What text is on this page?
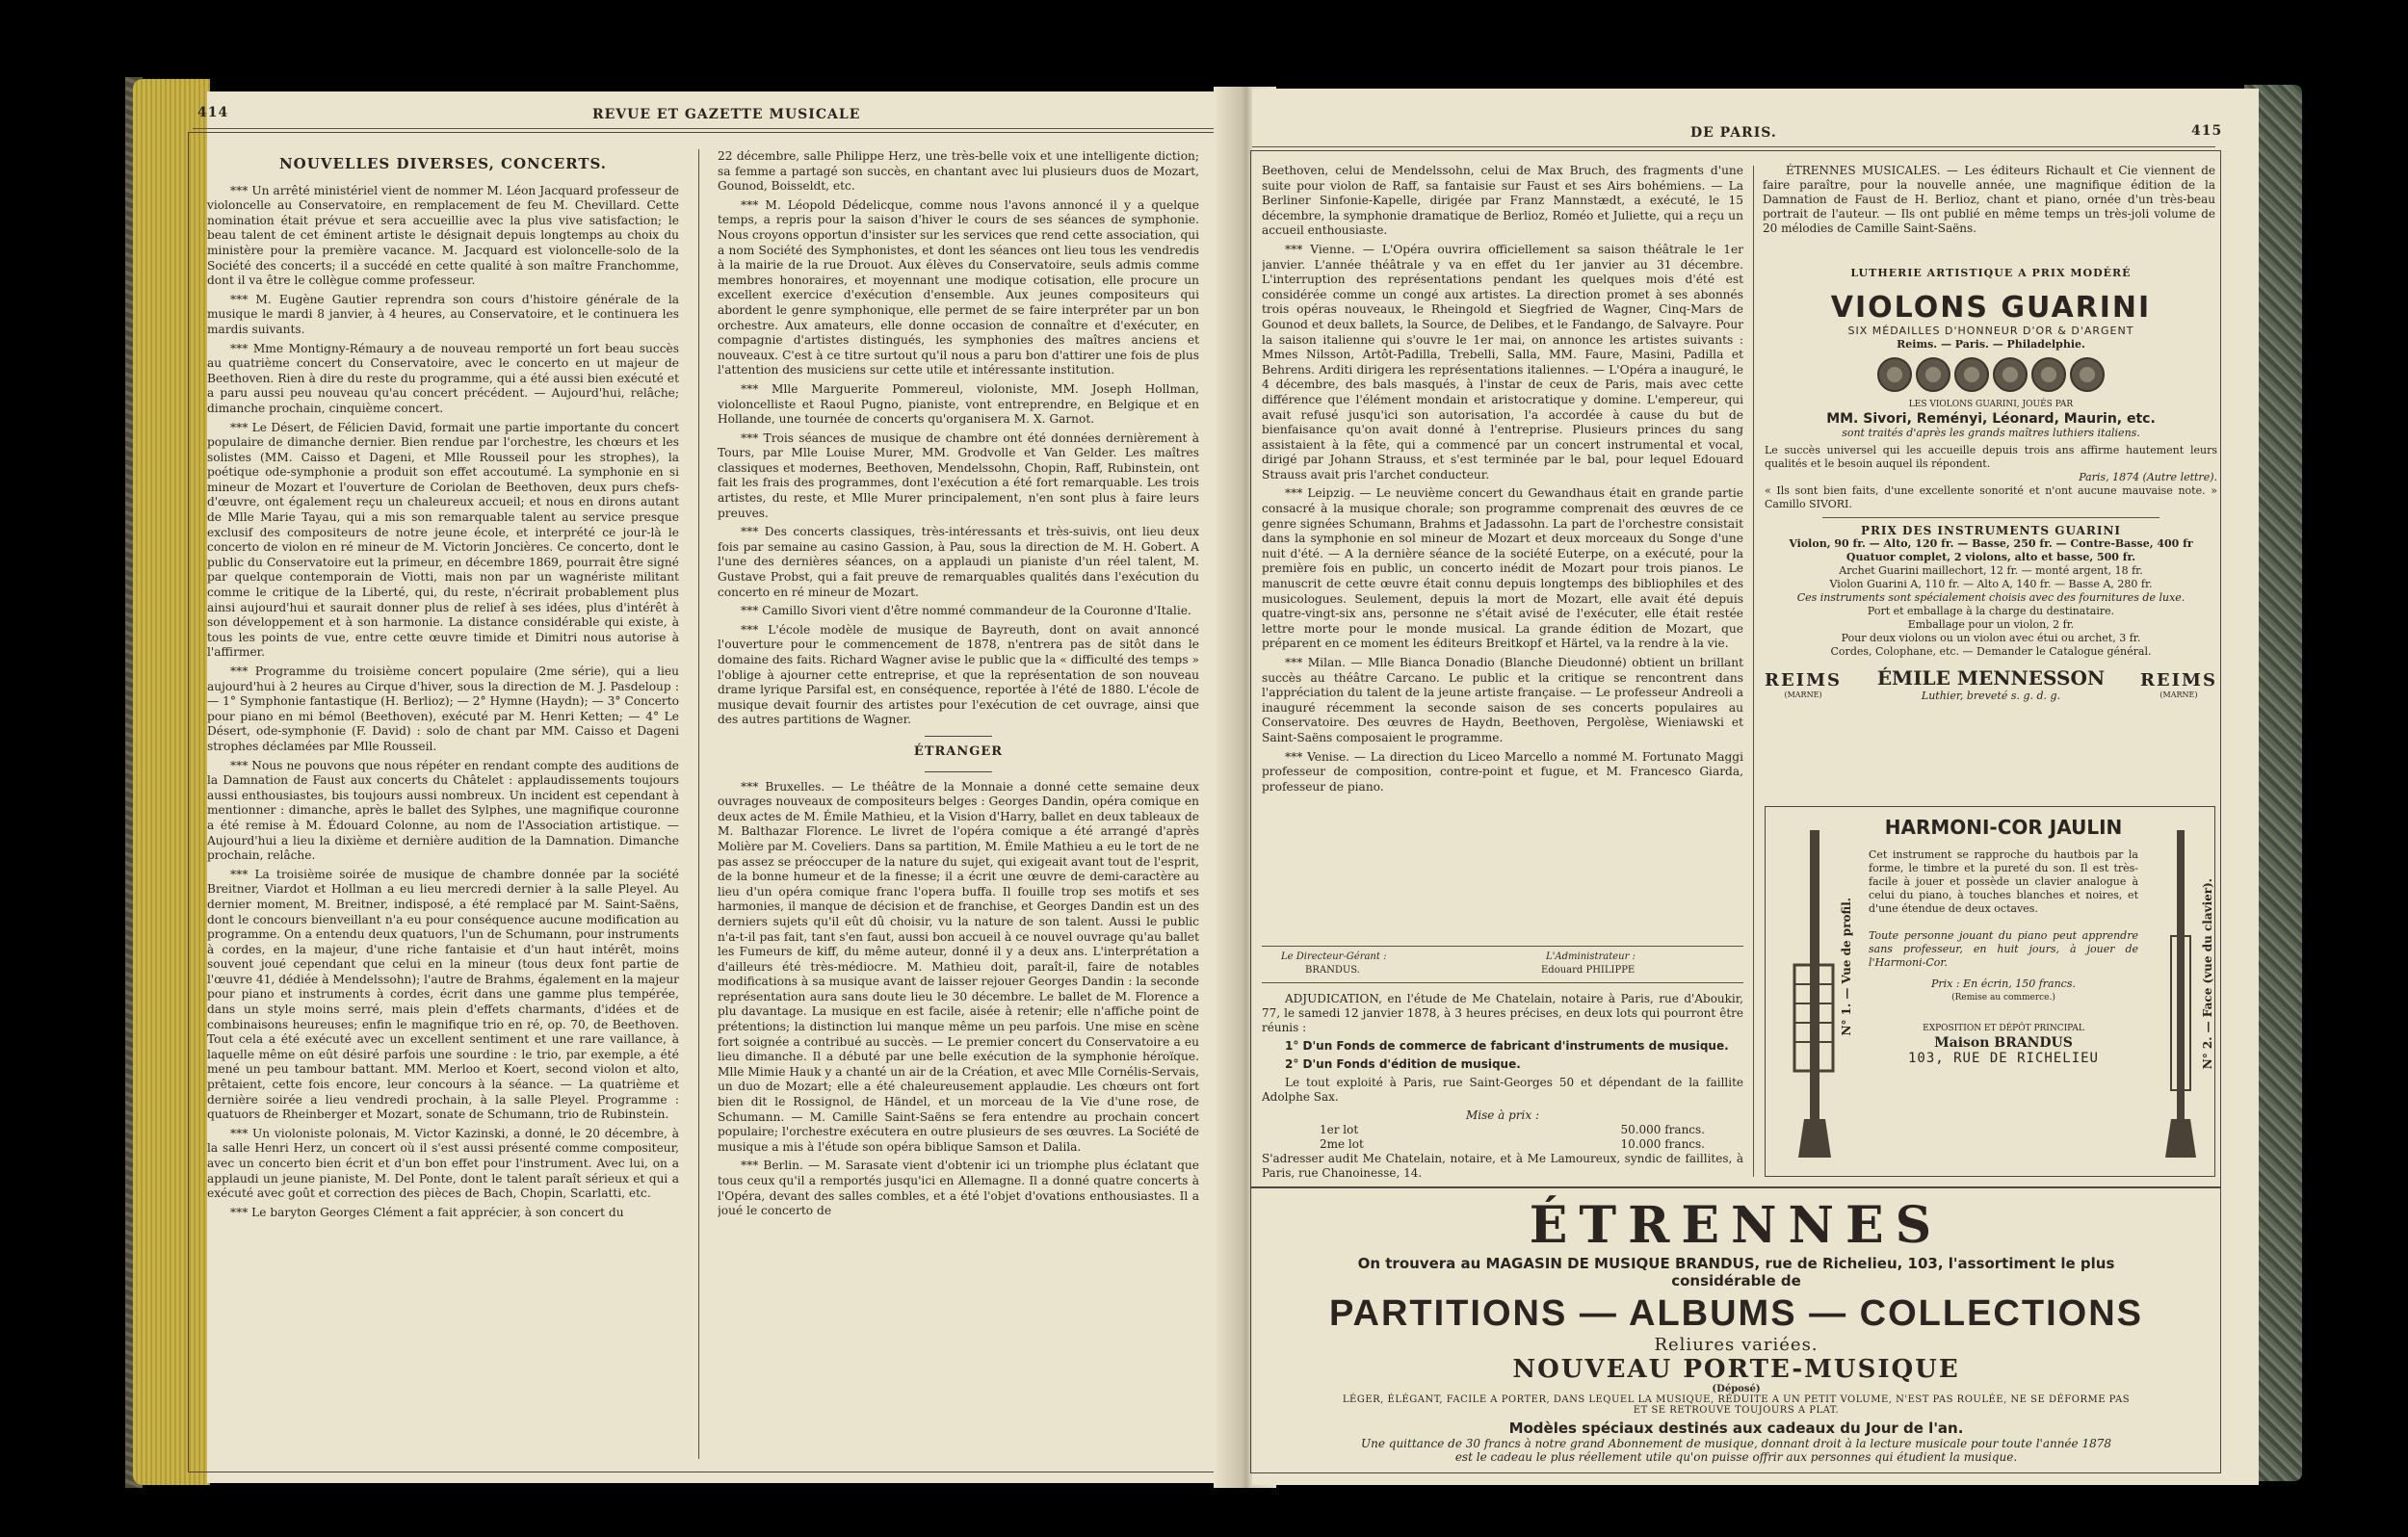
414	REVUE ET GAZETTE MUSICALE
NOUVELLES DIVERSES, CONCERTS.

*** Un arrêté ministériel vient de nommer M. Léon Jacquard professeur de violoncelle au Conservatoire, en remplacement de feu M. Chevillard. Cette nomination était prévue et sera accueillie avec la plus vive satisfaction; le beau talent de cet éminent artiste le désignait depuis longtemps au choix du ministère pour la première vacance. M. Jacquard est violoncelle-solo de la Société des concerts; il a succédé en cette qualité à son maître Franchomme, dont il va être le collègue comme professeur.

*** M. Eugène Gautier reprendra son cours d'histoire générale de la musique le mardi 8 janvier, à 4 heures, au Conservatoire, et le continuera les mardis suivants.

*** Mme Montigny-Rémaury a de nouveau remporté un fort beau succès au quatrième concert du Conservatoire, avec le concerto en ut majeur de Beethoven. Rien à dire du reste du programme, qui a été aussi bien exécuté et a paru aussi peu nouveau qu'au concert précédent. — Aujourd'hui, relâche; dimanche prochain, cinquième concert.

*** Le Désert, de Félicien David, formait une partie importante du concert populaire de dimanche dernier. Bien rendue par l'orchestre, les chœurs et les solistes (MM. Caisso et Dageni, et Mlle Rousseil pour les strophes), la poétique ode-symphonie a produit son effet accoutumé. La symphonie en si mineur de Mozart et l'ouverture de Coriolan de Beethoven, deux purs chefs-d'œuvre, ont également reçu un chaleureux accueil; et nous en dirons autant de Mlle Marie Tayau, qui a mis son remarquable talent au service presque exclusif des compositeurs de notre jeune école, et interprété ce jour-là le concerto de violon en ré mineur de M. Victorin Joncières. Ce concerto, dont le public du Conservatoire eut la primeur, en décembre 1869, pourrait être signé par quelque contemporain de Viotti, mais non par un wagnériste militant comme le critique de la Liberté, qui, du reste, n'écrirait probablement plus ainsi aujourd'hui et saurait donner plus de relief à ses idées, plus d'intérêt à son développement et à son harmonie. La distance considérable qui existe, à tous les points de vue, entre cette œuvre timide et Dimitri nous autorise à l'affirmer.

*** Programme du troisième concert populaire (2me série), qui a lieu aujourd'hui à 2 heures au Cirque d'hiver, sous la direction de M. J. Pasdeloup : — 1° Symphonie fantastique (H. Berlioz); — 2° Hymne (Haydn); — 3° Concerto pour piano en mi bémol (Beethoven), exécuté par M. Henri Ketten; — 4° Le Désert, ode-symphonie (F. David) : solo de chant par MM. Caisso et Dageni strophes déclamées par Mlle Rousseil.

*** Nous ne pouvons que nous répéter en rendant compte des auditions de la Damnation de Faust aux concerts du Châtelet : applaudissements toujours aussi enthousiastes, bis toujours aussi nombreux. Un incident est cependant à mentionner : dimanche, après le ballet des Sylphes, une magnifique couronne a été remise à M. Édouard Colonne, au nom de l'Association artistique. — Aujourd'hui a lieu la dixième et dernière audition de la Damnation. Dimanche prochain, relâche.

*** La troisième soirée de musique de chambre donnée par la société Breitner, Viardot et Hollman a eu lieu mercredi dernier à la salle Pleyel. Au dernier moment, M. Breitner, indisposé, a été remplacé par M. Saint-Saëns, dont le concours bienveillant n'a eu pour conséquence aucune modification au programme. On a entendu deux quatuors, l'un de Schumann, pour instruments à cordes, en la majeur, d'une riche fantaisie et d'un haut intérêt, moins souvent joué cependant que celui en la mineur (tous deux font partie de l'œuvre 41, dédiée à Mendelssohn); l'autre de Brahms, également en la majeur pour piano et instruments à cordes, écrit dans une gamme plus tempérée, dans un style moins serré, mais plein d'effets charmants, d'idées et de combinaisons heureuses; enfin le magnifique trio en ré, op. 70, de Beethoven. Tout cela a été exécuté avec un excellent sentiment et une rare vaillance, à laquelle même on eût désiré parfois une sourdine : le trio, par exemple, a été mené un peu tambour battant. MM. Merloo et Koert, second violon et alto, prêtaient, cette fois encore, leur concours à la séance. — La quatrième et dernière soirée a lieu vendredi prochain, à la salle Pleyel. Programme : quatuors de Rheinberger et Mozart, sonate de Schumann, trio de Rubinstein.

*** Un violoniste polonais, M. Victor Kazinski, a donné, le 20 décembre, à la salle Henri Herz, un concert où il s'est aussi présenté comme compositeur, avec un concerto bien écrit et d'un bon effet pour l'instrument. Avec lui, on a applaudi un jeune pianiste, M. Del Ponte, dont le talent paraît sérieux et qui a exécuté avec goût et correction des pièces de Bach, Chopin, Scarlatti, etc.

*** Le baryton Georges Clément a fait apprécier, à son concert du

22 décembre, salle Philippe Herz, une très-belle voix et une intelligente diction; sa femme a partagé son succès, en chantant avec lui plusieurs duos de Mozart, Gounod, Boisseldt, etc.

*** M. Léopold Dédelicque, comme nous l'avons annoncé il y a quelque temps, a repris pour la saison d'hiver le cours de ses séances de symphonie. Nous croyons opportun d'insister sur les services que rend cette association, qui a nom Société des Symphonistes, et dont les séances ont lieu tous les vendredis à la mairie de la rue Drouot. Aux élèves du Conservatoire, seuls admis comme membres honoraires, et moyennant une modique cotisation, elle procure un excellent exercice d'exécution d'ensemble. Aux jeunes compositeurs qui abordent le genre symphonique, elle permet de se faire interpréter par un bon orchestre. Aux amateurs, elle donne occasion de connaître et d'exécuter, en compagnie d'artistes distingués, les symphonies des maîtres anciens et nouveaux. C'est à ce titre surtout qu'il nous a paru bon d'attirer une fois de plus l'attention des musiciens sur cette utile et intéressante institution.

*** Mlle Marguerite Pommereul, violoniste, MM. Joseph Hollman, violoncelliste et Raoul Pugno, pianiste, vont entreprendre, en Belgique et en Hollande, une tournée de concerts qu'organisera M. X. Garnot.

*** Trois séances de musique de chambre ont été données dernièrement à Tours, par Mlle Louise Murer, MM. Grodvolle et Van Gelder. Les maîtres classiques et modernes, Beethoven, Mendelssohn, Chopin, Raff, Rubinstein, ont fait les frais des programmes, dont l'exécution a été fort remarquable. Les trois artistes, du reste, et Mlle Murer principalement, n'en sont plus à faire leurs preuves.

*** Des concerts classiques, très-intéressants et très-suivis, ont lieu deux fois par semaine au casino Gassion, à Pau, sous la direction de M. H. Gobert. A l'une des dernières séances, on a applaudi un pianiste d'un réel talent, M. Gustave Probst, qui a fait preuve de remarquables qualités dans l'exécution du concerto en ré mineur de Mozart.

*** Camillo Sivori vient d'être nommé commandeur de la Couronne d'Italie.

*** L'école modèle de musique de Bayreuth, dont on avait annoncé l'ouverture pour le commencement de 1878, n'entrera pas de sitôt dans le domaine des faits. Richard Wagner avise le public que la « difficulté des temps » l'oblige à ajourner cette entreprise, et que la représentation de son nouveau drame lyrique Parsifal est, en conséquence, reportée à l'été de 1880. L'école de musique devait fournir des artistes pour l'exécution de cet ouvrage, ainsi que des autres partitions de Wagner.

ÉTRANGER

*** Bruxelles. — Le théâtre de la Monnaie a donné cette semaine deux ouvrages nouveaux de compositeurs belges : Georges Dandin, opéra comique en deux actes de M. Émile Mathieu, et la Vision d'Harry, ballet en deux tableaux de M. Balthazar Florence. Le livret de l'opéra comique a été arrangé d'après Molière par M. Coveliers. Dans sa partition, M. Émile Mathieu a eu le tort de ne pas assez se préoccuper de la nature du sujet, qui exigeait avant tout de l'esprit, de la bonne humeur et de la finesse; il a écrit une œuvre de demi-caractère au lieu d'un opéra comique franc l'opera buffa. Il fouille trop ses motifs et ses harmonies, il manque de décision et de franchise, et Georges Dandin est un des derniers sujets qu'il eût dû choisir, vu la nature de son talent. Aussi le public n'a-t-il pas fait, tant s'en faut, aussi bon accueil à ce nouvel ouvrage qu'au ballet les Fumeurs de kiff, du même auteur, donné il y a deux ans. L'interprétation a d'ailleurs été très-médiocre. M. Mathieu doit, paraît-il, faire de notables modifications à sa musique avant de laisser rejouer Georges Dandin : la seconde représentation aura sans doute lieu le 30 décembre. Le ballet de M. Florence a plu davantage. La musique en est facile, aisée à retenir; elle n'affiche point de prétentions; la distinction lui manque même un peu parfois. Une mise en scène fort soignée a contribué au succès. — Le premier concert du Conservatoire a eu lieu dimanche. Il a débuté par une belle exécution de la symphonie héroïque. Mlle Mimie Hauk y a chanté un air de la Création, et avec Mlle Cornélis-Servais, un duo de Mozart; elle a été chaleureusement applaudie. Les chœurs ont fort bien dit le Rossignol, de Händel, et un morceau de la Vie d'une rose, de Schumann. — M. Camille Saint-Saëns se fera entendre au prochain concert populaire; l'orchestre exécutera en outre plusieurs de ses œuvres. La Société de musique a mis à l'étude son opéra biblique Samson et Dalila.

*** Berlin. — M. Sarasate vient d'obtenir ici un triomphe plus éclatant que tous ceux qu'il a remportés jusqu'ici en Allemagne. Il a donné quatre concerts à l'Opéra, devant des salles combles, et a été l'objet d'ovations enthousiastes. Il a joué le concerto de

DE PARIS.	415

Beethoven, celui de Mendelssohn, celui de Max Bruch, des fragments d'une suite pour violon de Raff, sa fantaisie sur Faust et ses Airs bohémiens. — La Berliner Sinfonie-Kapelle, dirigée par Franz Mannstædt, a exécuté, le 15 décembre, la symphonie dramatique de Berlioz, Roméo et Juliette, qui a reçu un accueil enthousiaste.

*** Vienne. — L'Opéra ouvrira officiellement sa saison théâtrale le 1er janvier. L'année théâtrale y va en effet du 1er janvier au 31 décembre. L'interruption des représentations pendant les quelques mois d'été est considérée comme un congé aux artistes. La direction promet à ses abonnés trois opéras nouveaux, le Rheingold et Siegfried de Wagner, Cinq-Mars de Gounod et deux ballets, la Source, de Delibes, et le Fandango, de Salvayre. Pour la saison italienne qui s'ouvre le 1er mai, on annonce les artistes suivants : Mmes Nilsson, Artôt-Padilla, Trebelli, Salla, MM. Faure, Masini, Padilla et Behrens. Arditi dirigera les représentations italiennes. — L'Opéra a inauguré, le 4 décembre, des bals masqués, à l'instar de ceux de Paris, mais avec cette différence que l'élément mondain et aristocratique y domine. L'empereur, qui avait refusé jusqu'ici son autorisation, l'a accordée à cause du but de bienfaisance qu'on avait donné à l'entreprise. Plusieurs princes du sang assistaient à la fête, qui a commencé par un concert instrumental et vocal, dirigé par Johann Strauss, et s'est terminée par le bal, pour lequel Edouard Strauss avait pris l'archet conducteur.

*** Leipzig. — Le neuvième concert du Gewandhaus était en grande partie consacré à la musique chorale; son programme comprenait des œuvres de ce genre signées Schumann, Brahms et Jadassohn. La part de l'orchestre consistait dans la symphonie en sol mineur de Mozart et deux morceaux du Songe d'une nuit d'été. — A la dernière séance de la société Euterpe, on a exécuté, pour la première fois en public, un concerto inédit de Mozart pour trois pianos. Le manuscrit de cette œuvre était connu depuis longtemps des bibliophiles et des musicologues. Seulement, depuis la mort de Mozart, elle avait été depuis quatre-vingt-six ans, personne ne s'était avisé de l'exécuter, elle était restée lettre morte pour le monde musical. La grande édition de Mozart, que préparent en ce moment les éditeurs Breitkopf et Härtel, va la rendre à la vie.

*** Milan. — Mlle Bianca Donadio (Blanche Dieudonné) obtient un brillant succès au théâtre Carcano. Le public et la critique se rencontrent dans l'appréciation du talent de la jeune artiste française. — Le professeur Andreoli a inauguré récemment la seconde saison de ses concerts populaires au Conservatoire. Des œuvres de Haydn, Beethoven, Pergolèse, Wieniawski et Saint-Saëns composaient le programme.

*** Venise. — La direction du Liceo Marcello a nommé M. Fortunato Maggi professeur de composition, contre-point et fugue, et M. Francesco Giarda, professeur de piano.

Le Directeur-Gérant :
BRANDUS.
L'Administrateur :
Edouard PHILIPPE

ADJUDICATION, en l'étude de Me Chatelain, notaire à Paris, rue d'Aboukir, 77, le samedi 12 janvier 1878, à 3 heures précises, en deux lots qui pourront être réunis :

1° D'un Fonds de commerce de fabricant d'instruments de musique.

2° D'un Fonds d'édition de musique.

Le tout exploité à Paris, rue Saint-Georges 50 et dépendant de la faillite Adolphe Sax.

Mise à prix :
1er lot	50.000 francs.
2me lot	10.000 francs.

S'adresser audit Me Chatelain, notaire, et à Me Lamoureux, syndic de faillites, à Paris, rue Chanoinesse, 14.

ÉTRENNES MUSICALES. — Les éditeurs Richault et Cie viennent de faire paraître, pour la nouvelle année, une magnifique édition de la Damnation de Faust de H. Berlioz, chant et piano, ornée d'un très-beau portrait de l'auteur. — Ils ont publié en même temps un très-joli volume de 20 mélodies de Camille Saint-Saëns.

LUTHERIE ARTISTIQUE A PRIX MODÉRÉ
VIOLONS GUARINI
SIX MÉDAILLES D'HONNEUR D'OR & D'ARGENT
Reims. — Paris. — Philadelphie.
LES VIOLONS GUARINI, JOUÉS PAR
MM. Sivori, Reményi, Léonard, Maurin, etc.
sont traités d'après les grands maîtres luthiers italiens.
Le succès universel qui les accueille depuis trois ans affirme hautement leurs qualités et le besoin auquel ils répondent.
Paris, 1874 (Autre lettre).
« Ils sont bien faits, d'une excellente sonorité et n'ont aucune mauvaise note. » Camillo SIVORI.
PRIX DES INSTRUMENTS GUARINI
Violon, 90 fr. — Alto, 120 fr. — Basse, 250 fr. — Contre-Basse, 400 fr
Quatuor complet, 2 violons, alto et basse, 500 fr.
Archet Guarini maillechort, 12 fr. — monté argent, 18 fr.
Violon Guarini A, 110 fr. — Alto A, 140 fr. — Basse A, 280 fr.
Ces instruments sont spécialement choisis avec des fournitures de luxe.
Port et emballage à la charge du destinataire.
Emballage pour un violon, 2 fr.
Pour deux violons ou un violon avec étui ou archet, 3 fr.
Cordes, Colophane, etc. — Demander le Catalogue général.
REIMS
(MARNE)
ÉMILE MENNESSON
Luthier, breveté s. g. d. g.
REIMS
(MARNE)
HARMONI-COR JAULIN
Cet instrument se rapproche du hautbois par la forme, le timbre et la pureté du son. Il est très-facile à jouer et possède un clavier analogue à celui du piano, à touches blanches et noires, et d'une étendue de deux octaves.
Toute personne jouant du piano peut apprendre sans professeur, en huit jours, à jouer de l'Harmoni-Cor.
Prix : En écrin, 150 francs.
(Remise au commerce.)
EXPOSITION ET DÉPÔT PRINCIPAL
Maison BRANDUS
103, RUE DE RICHELIEU
N° 1. — Vue de profil.	N° 2. — Face (vue du clavier).
ÉTRENNES
On trouvera au MAGASIN DE MUSIQUE BRANDUS, rue de Richelieu, 103, l'assortiment le plus
considérable de
PARTITIONS — ALBUMS — COLLECTIONS
Reliures variées.
NOUVEAU PORTE-MUSIQUE
(Déposé)
LÉGER, ÉLÉGANT, FACILE A PORTER, DANS LEQUEL LA MUSIQUE, RÉDUITE A UN PETIT VOLUME, N'EST PAS ROULÉE, NE SE DÉFORME PAS
ET SE RETROUVE TOUJOURS A PLAT.
Modèles spéciaux destinés aux cadeaux du Jour de l'an.
Une quittance de 30 francs à notre grand Abonnement de musique, donnant droit à la lecture musicale pour toute l'année 1878
est le cadeau le plus réellement utile qu'on puisse offrir aux personnes qui étudient la musique.
